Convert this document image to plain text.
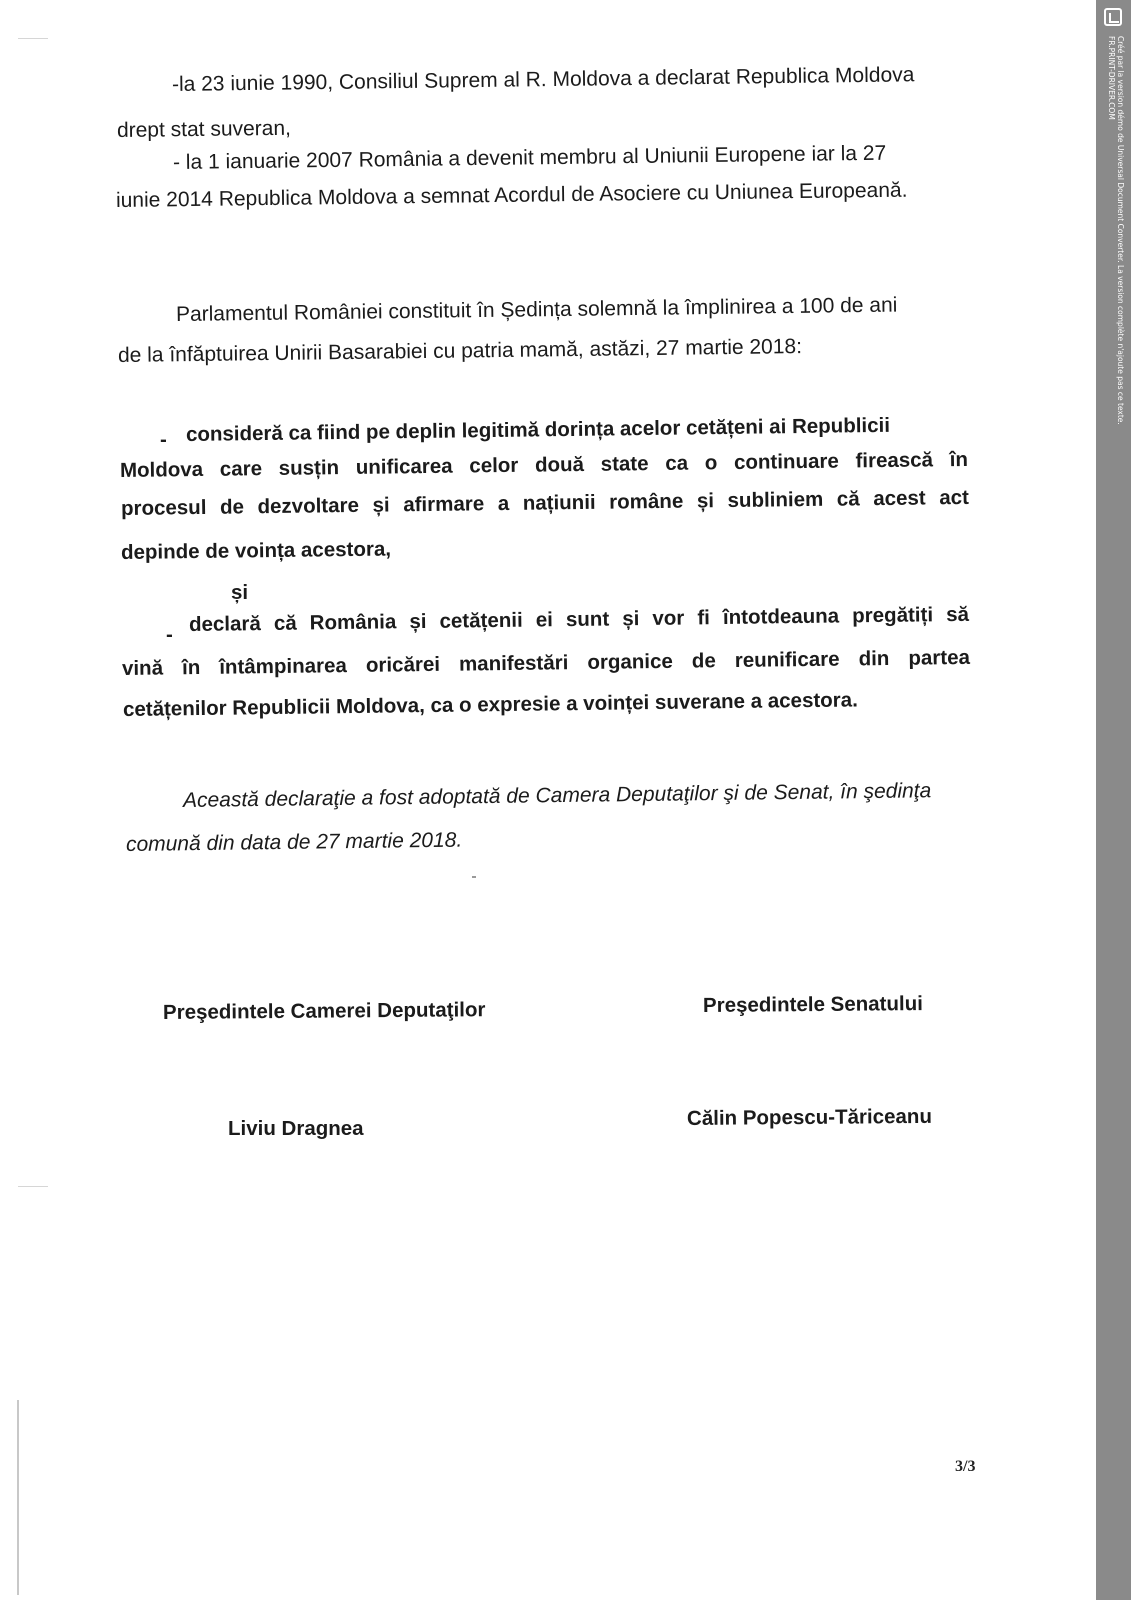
-la 23 iunie 1990, Consiliul Suprem al R. Moldova a declarat Republica Moldova
drept stat suveran,
- la 1 ianuarie 2007 România a devenit membru al Uniunii Europene iar la 27
iunie 2014 Republica Moldova a semnat Acordul de Asociere cu Uniunea Europeană.
Parlamentul României constituit în Ședința solemnă la împlinirea a 100 de ani
de la înfăptuirea Unirii Basarabiei cu patria mamă, astăzi, 27 martie 2018:
- consideră ca fiind pe deplin legitimă dorința acelor cetățeni ai Republicii
Moldova care susțin unificarea celor două state ca o continuare firească în
procesul de dezvoltare și afirmare a națiunii române și subliniem că acest act
depinde de voința acestora,
și
- declară că România și cetățenii ei sunt și vor fi întotdeauna pregătiți să
vină în întâmpinarea oricărei manifestări organice de reunificare din partea
cetățenilor Republicii Moldova, ca o expresie a voinței suverane a acestora.
Această declaraţie a fost adoptată de Camera Deputaţilor şi de Senat, în şedinţa
comună din data de 27 martie 2018.
Preşedintele Camerei Deputaţilor	Preşedintele Senatului
Liviu Dragnea	Călin Popescu-Tăriceanu
3/3
Créé par la version démo de Universal Document Converter. La version complète n'ajoute pas ce texte.
FR.PRINT-DRIVER.COM
